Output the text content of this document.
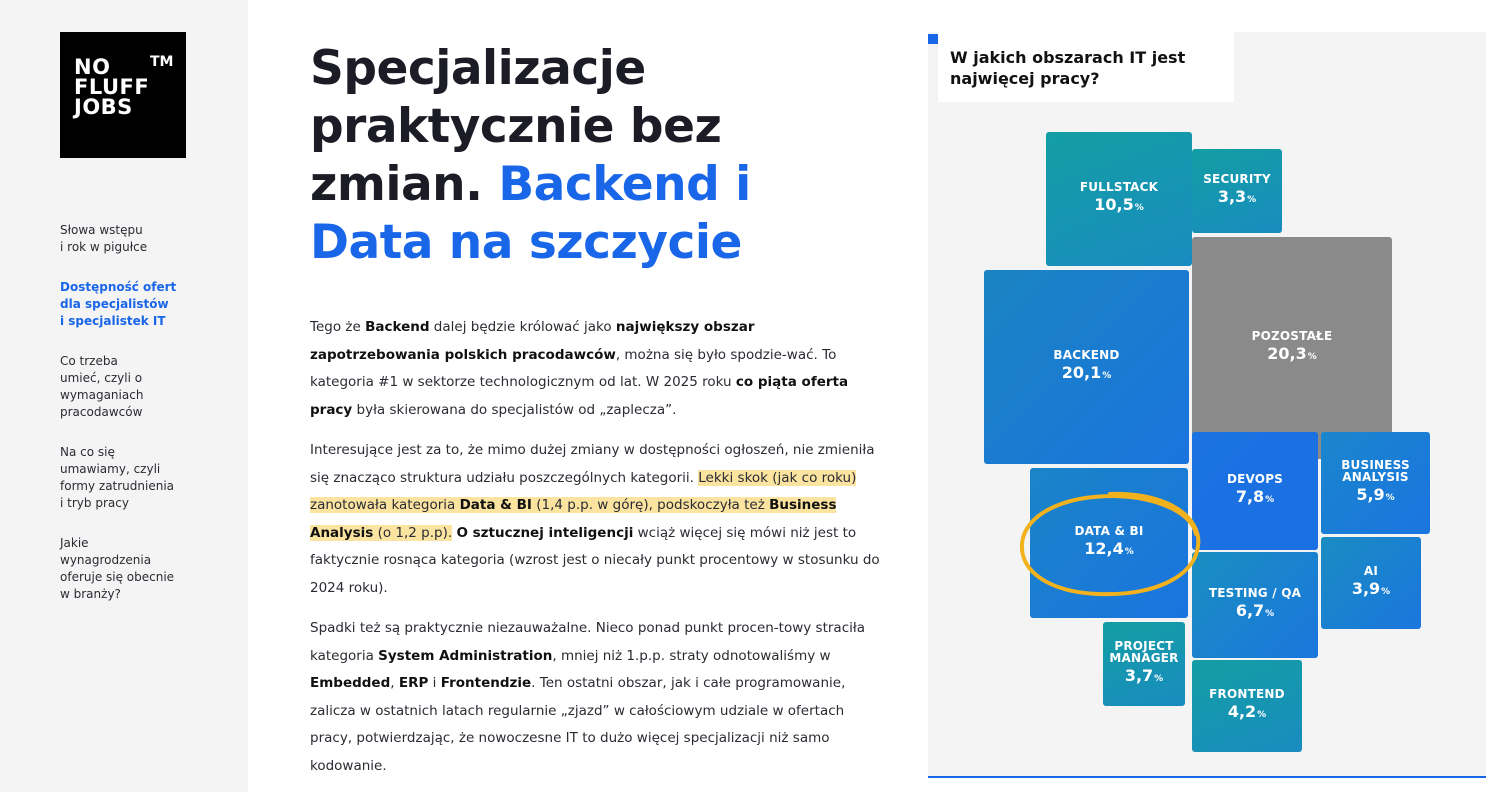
NO
FLUFF
JOBS
TM
Słowa wstępu
i rok w pigułce
Dostępność ofert
dla specjalistów
i specjalistek IT
Co trzeba
umieć, czyli o
wymaganiach
pracodawców
Na co się
umawiamy, czyli
formy zatrudnienia
i tryb pracy
Jakie
wynagrodzenia
oferuje się obecnie
w branży?
Specjalizacje praktycznie bez zmian. Backend i Data na szczycie

Tego że Backend dalej będzie królować jako największy obszar zapotrzebowania polskich pracodawców, można się było spodzie-wać. To kategoria #1 w sektorze technologicznym od lat. W 2025 roku co piąta oferta pracy była skierowana do specjalistów od „zaplecza”.

Interesujące jest za to, że mimo dużej zmiany w dostępności ogłoszeń, nie zmieniła się znacząco struktura udziału poszczególnych kategorii. Lekki skok (jak co roku) zanotowała kategoria Data & BI (1,4 p.p. w górę), podskoczyła też Business Analysis (o 1,2 p.p). O sztucznej inteligencji wciąż więcej się mówi niż jest to faktycznie rosnąca kategoria (wzrost jest o niecały punkt procentowy w stosunku do 2024 roku).

Spadki też są praktycznie niezauważalne. Nieco ponad punkt procen-towy straciła kategoria System Administration, mniej niż 1.p.p. straty odnotowaliśmy w Embedded, ERP i Frontendzie. Ten ostatni obszar, jak i całe programowanie, zalicza w ostatnich latach regularnie „zjazd” w całościowym udziale w ofertach pracy, potwierdzając, że nowoczesne IT to dużo więcej specjalizacji niż samo kodowanie.

W jakich obszarach IT jest najwięcej pracy?
FULLSTACK
10,5%
SECURITY
3,3%
BACKEND
20,1%
POZOSTAŁE
20,3%
DEVOPS
7,8%
BUSINESS
ANALYSIS
5,9%
DATA & BI
12,4%
TESTING / QA
6,7%
AI
3,9%
PROJECT
MANAGER
3,7%
FRONTEND
4,2%
